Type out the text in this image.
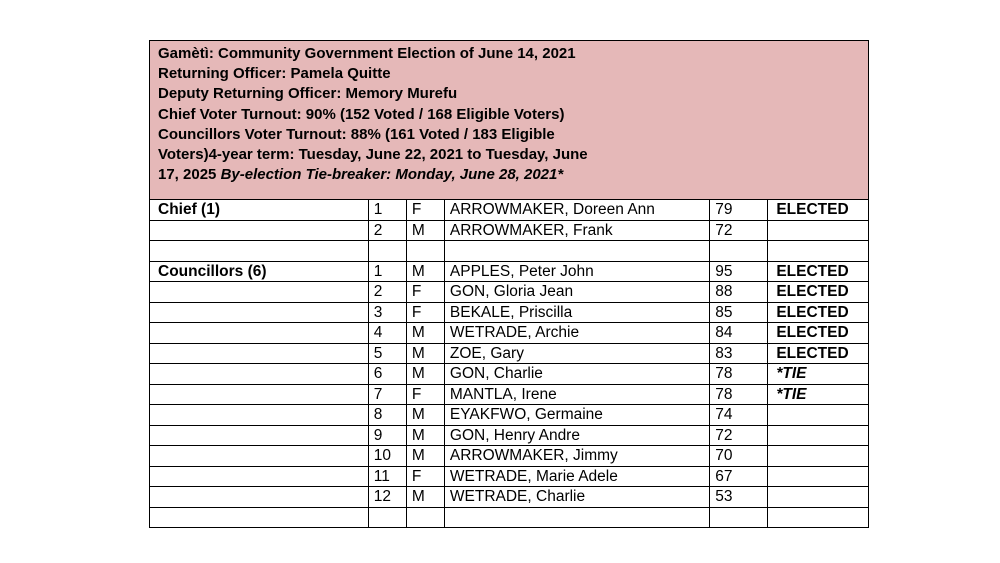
Gamètì: Community Government Election of June 14, 2021
Returning Officer: Pamela Quitte
Deputy Returning Officer: Memory Murefu
Chief Voter Turnout: 90% (152 Voted / 168 Eligible Voters)
Councillors Voter Turnout: 88% (161 Voted / 183 Eligible
Voters)4-year term: Tuesday, June 22, 2021 to Tuesday, June
17, 2025 By-election Tie-breaker: Monday, June 28, 2021*
Chief (1)	1	F	ARROWMAKER, Doreen Ann	79	ELECTED
	2	M	ARROWMAKER, Frank	72	

Councillors (6)	1	M	APPLES, Peter John	95	ELECTED
	2	F	GON, Gloria Jean	88	ELECTED
	3	F	BEKALE, Priscilla	85	ELECTED
	4	M	WETRADE, Archie	84	ELECTED
	5	M	ZOE, Gary	83	ELECTED
	6	M	GON, Charlie	78	*TIE
	7	F	MANTLA, Irene	78	*TIE
	8	M	EYAKFWO, Germaine	74	
	9	M	GON, Henry Andre	72	
	10	M	ARROWMAKER, Jimmy	70	
	11	F	WETRADE, Marie Adele	67	
	12	M	WETRADE, Charlie	53	
